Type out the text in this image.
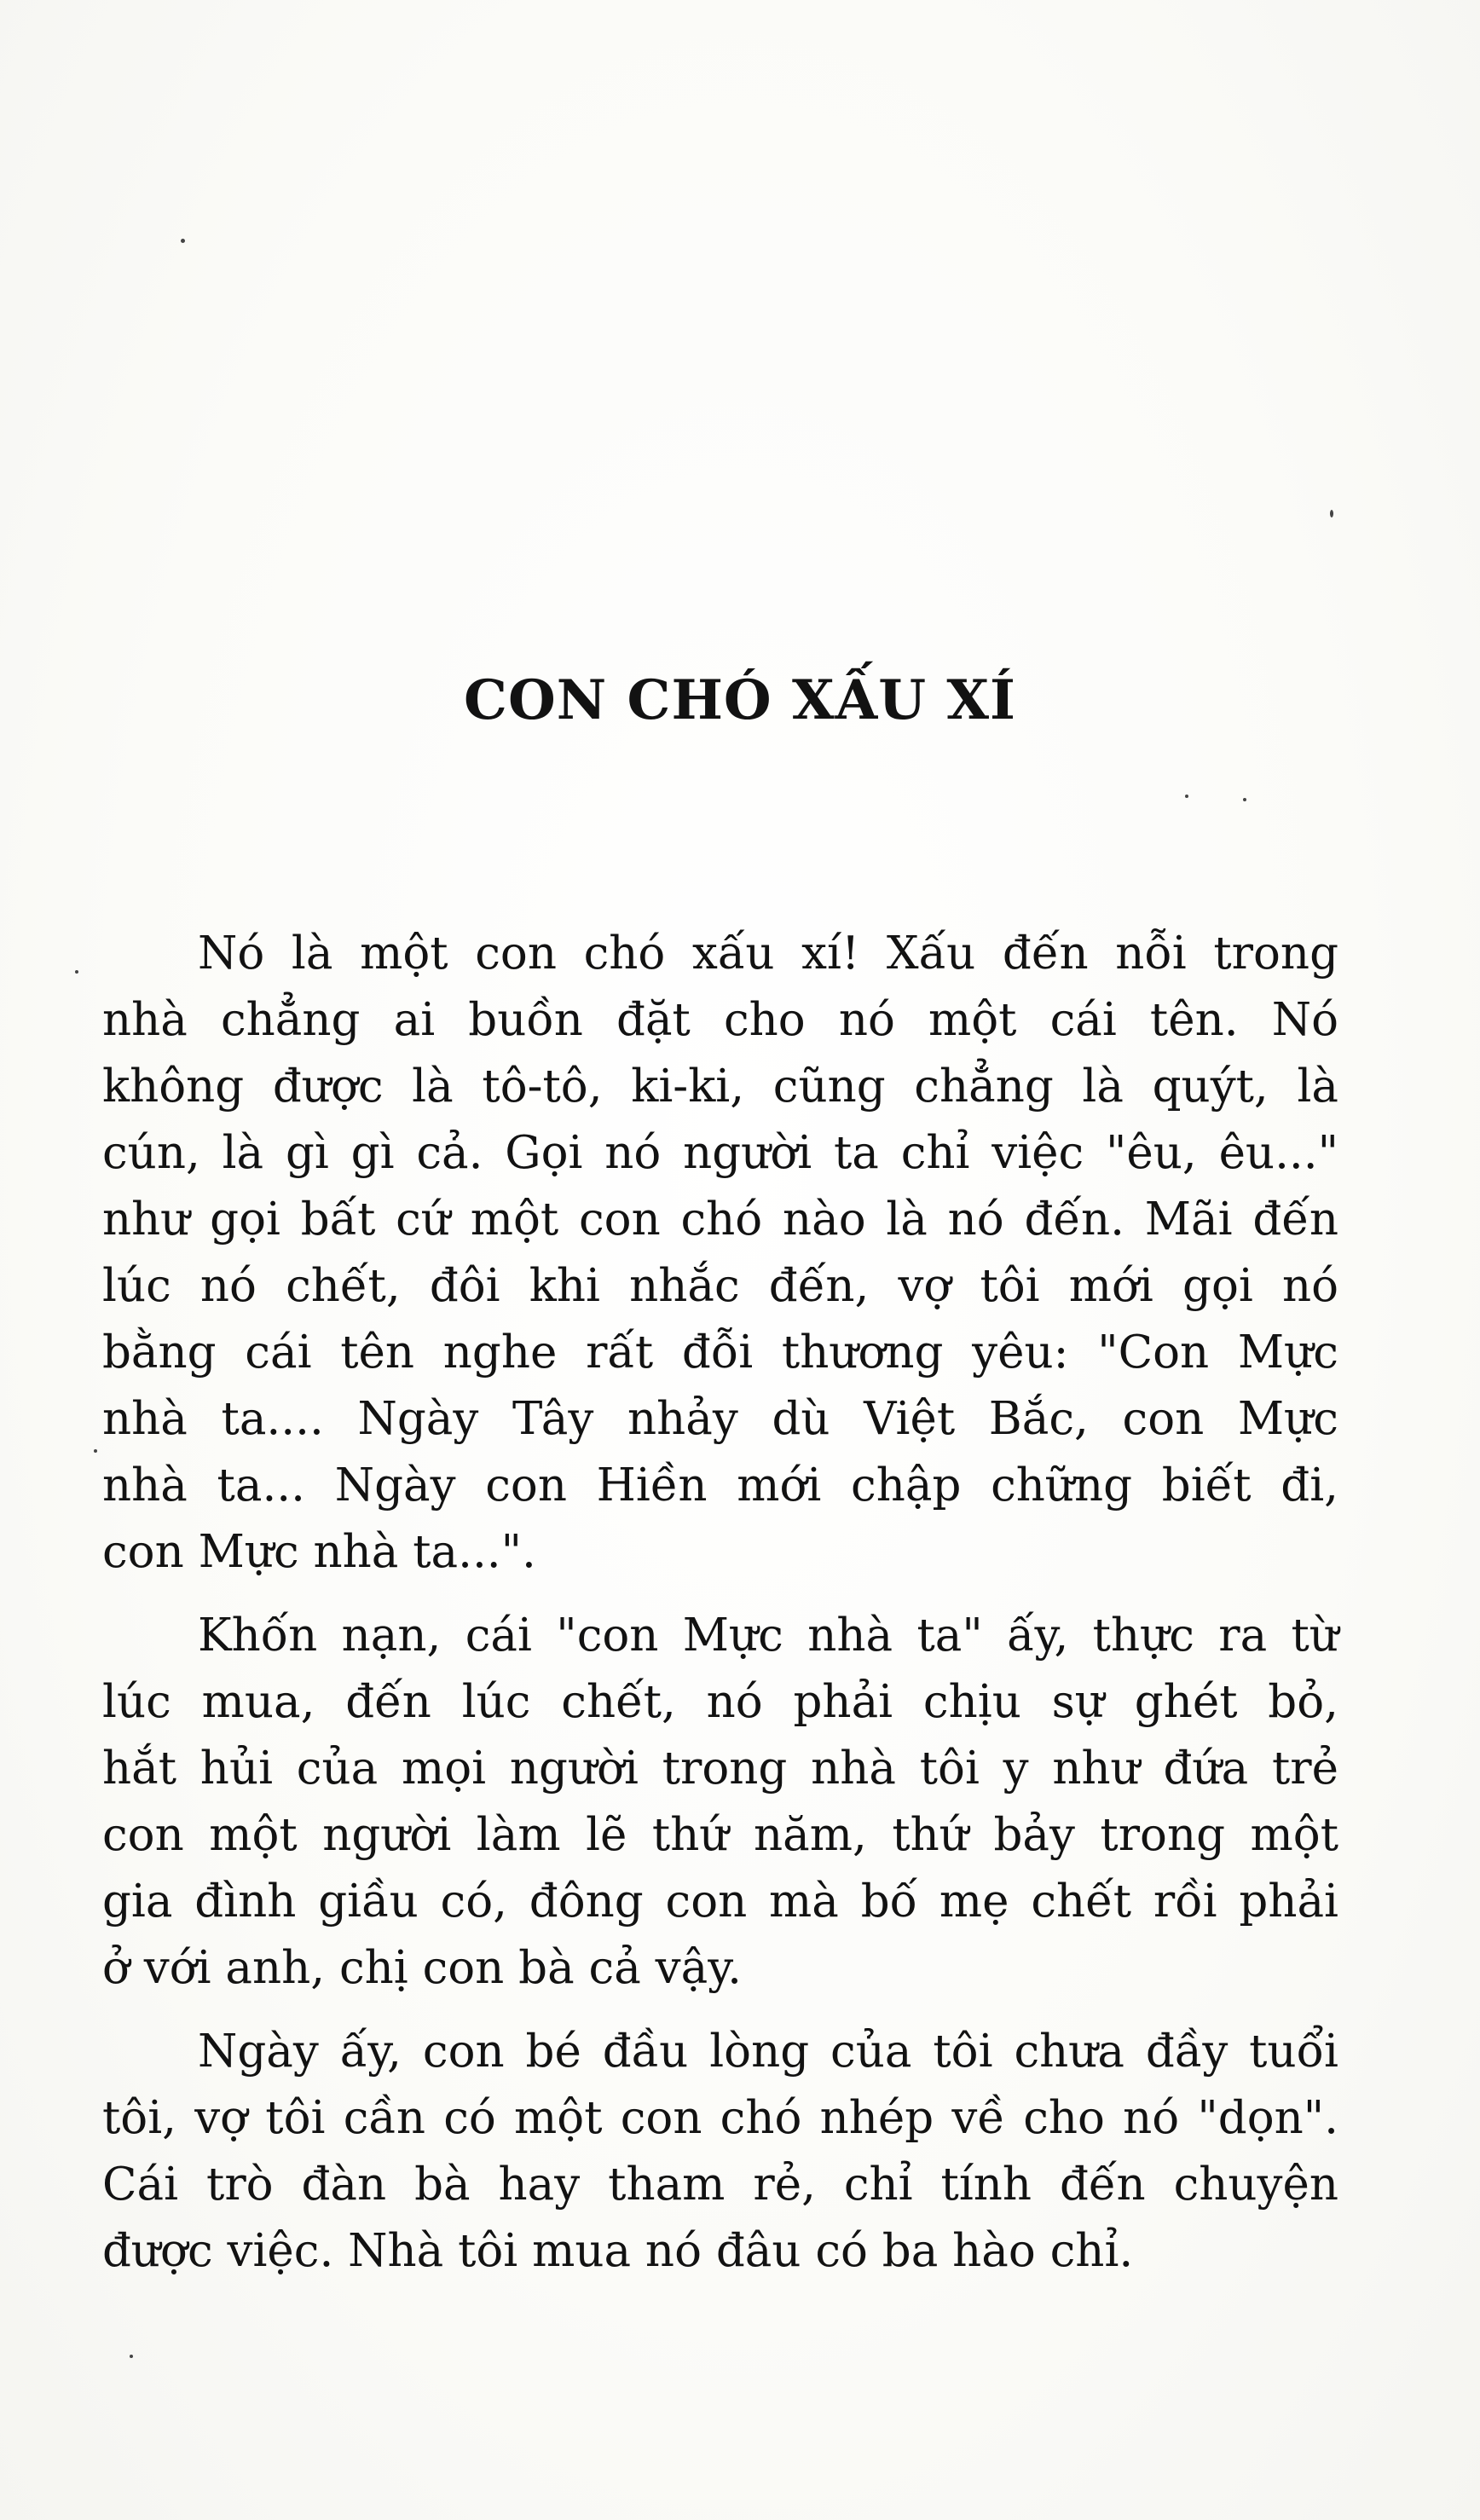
CON CHÓ XẤU XÍ

Nó là một con chó xấu xí! Xấu đến nỗi trong
nhà chẳng ai buồn đặt cho nó một cái tên. Nó
không được là tô-tô, ki-ki, cũng chẳng là quýt, là
cún, là gì gì cả. Gọi nó người ta chỉ việc "êu, êu..."
như gọi bất cứ một con chó nào là nó đến. Mãi đến
lúc nó chết, đôi khi nhắc đến, vợ tôi mới gọi nó
bằng cái tên nghe rất đỗi thương yêu: "Con Mực
nhà ta.... Ngày Tây nhảy dù Việt Bắc, con Mực
nhà ta... Ngày con Hiền mới chập chững biết đi,
con Mực nhà ta...".

Khốn nạn, cái "con Mực nhà ta" ấy, thực ra từ
lúc mua, đến lúc chết, nó phải chịu sự ghét bỏ,
hắt hủi của mọi người trong nhà tôi y như đứa trẻ
con một người làm lẽ thứ năm, thứ bảy trong một
gia đình giầu có, đông con mà bố mẹ chết rồi phải
ở với anh, chị con bà cả vậy.

Ngày ấy, con bé đầu lòng của tôi chưa đầy tuổi
tôi, vợ tôi cần có một con chó nhép về cho nó "dọn".
Cái trò đàn bà hay tham rẻ, chỉ tính đến chuyện
được việc. Nhà tôi mua nó đâu có ba hào chỉ.
